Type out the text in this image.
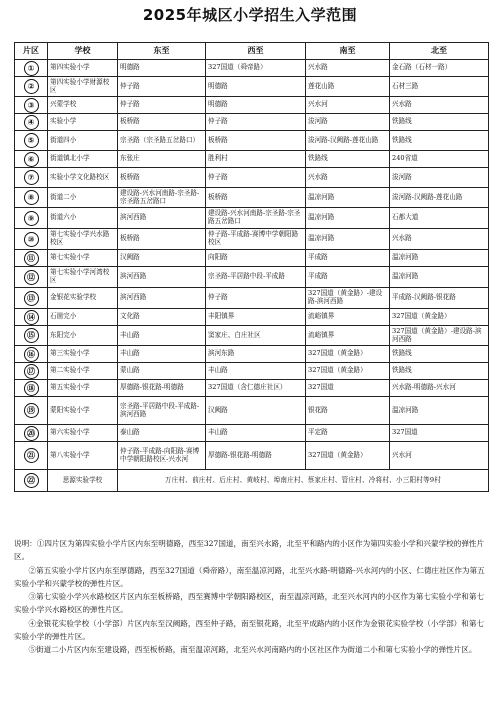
2025年城区小学招生入学范围
片区	学校	东至	西至	南至	北至
①	第四实验小学	明德路	327国道（舜帝路）	兴水路	金石路（石材一路）
②	第四实验小学财源校区	仲子路	明德路	莲花山路	石材三路
③	兴蒙学校	仲子路	明德路	兴水河	兴水路
④	实验小学	板桥路	仲子路	浚河路	铁路线
⑤	街道四小	宗圣路（宗圣路五岔路口）	板桥路	浚河路-汉阙路-莲花山路	铁路线
⑥	街道镇北小学	东张庄	胜利村	铁路线	240省道
⑦	实验小学文化路校区	板桥路	仲子路	兴水路	浚河路
⑧	街道二小	建设路-兴水河南路-宗圣路-宗圣路五岔路口	板桥路	温凉河路	浚河路-汉阙路-莲花山路
⑨	街道六小	滨河西路	建设路-兴水河南路-宗圣路-宗圣路五岔路口	温凉河路	石都大道
⑩	第七实验小学兴水路校区	板桥路	仲子路-平成路-赛博中学朝阳路校区	温凉河路	兴水路
⑪	第七实验小学	汉阙路	向阳路	平成路	温凉河路
⑫	第七实验小学河湾校区	滨河西路	宗圣路-平居路中段-平成路	平成路	温凉河路
⑬	金银花实验学校	滨河西路	仲子路	327国道（黄金路）-建设路-滨河西路	平成路-汉阙路-银花路
⑭	石崮完小	文化路	丰阳镇界	流峪镇界	327国道（黄金路）
⑮	东阳完小	丰山路	窦家庄、白庄社区	流峪镇界	327国道（黄金路）-建设路-滨河西路
⑯	第三实验小学	丰山路	滨河东路	327国道（黄金路）	铁路线
⑰	第二实验小学	蒙山路	丰山路	327国道（黄金路）	铁路线
⑱	第五实验小学	厚德路-银花路-明德路	327国道（含仁德庄社区）	327国道	兴水路-明德路-兴水河
⑲	蒙阳实验小学	宗圣路-平居路中段-平成路-滨河西路	汉阙路	银花路	温凉河路
⑳	第六实验小学	泰山路	丰山路	平定路	327国道
㉑	第八实验小学	仲子路-平成路-向阳路-赛博中学朝阳路校区-兴水河	厚德路-银花路-明德路	327国道（黄金路）	兴水河
㉒	思源实验学校	万庄村、前庄村、后庄村、黄岐村、埠南庄村、蔡家庄村、管庄村、冷将村、小三阳村等9村			

说明：①四片区为第四实验小学片区内东至明德路，西至327国道，南至兴水路，北至平和路内的小区作为第四实验小学和兴蒙学校的弹性片区。

②第五实验小学片区内东至厚德路，西至327国道（舜帝路），南至温凉河路，北至兴水路-明德路-兴水河内的小区、仁德庄社区作为第五实验小学和兴蒙学校的弹性片区。

③第七实验小学兴水路校区片区内东至板桥路，西至赛博中学朝阳路校区，南至温凉河路，北至兴水河内的小区作为第七实验小学和第七实验小学兴水路校区的弹性片区。

④金银花实验学校（小学部）片区内东至汉阙路，西至仲子路，南至银花路，北至平成路内的小区作为金银花实验学校（小学部）和第七实验小学的弹性片区。

⑤街道二小片区内东至建设路，西至板桥路，南至温凉河路，北至兴水河南路内的小区社区作为街道二小和第七实验小学的弹性片区。
